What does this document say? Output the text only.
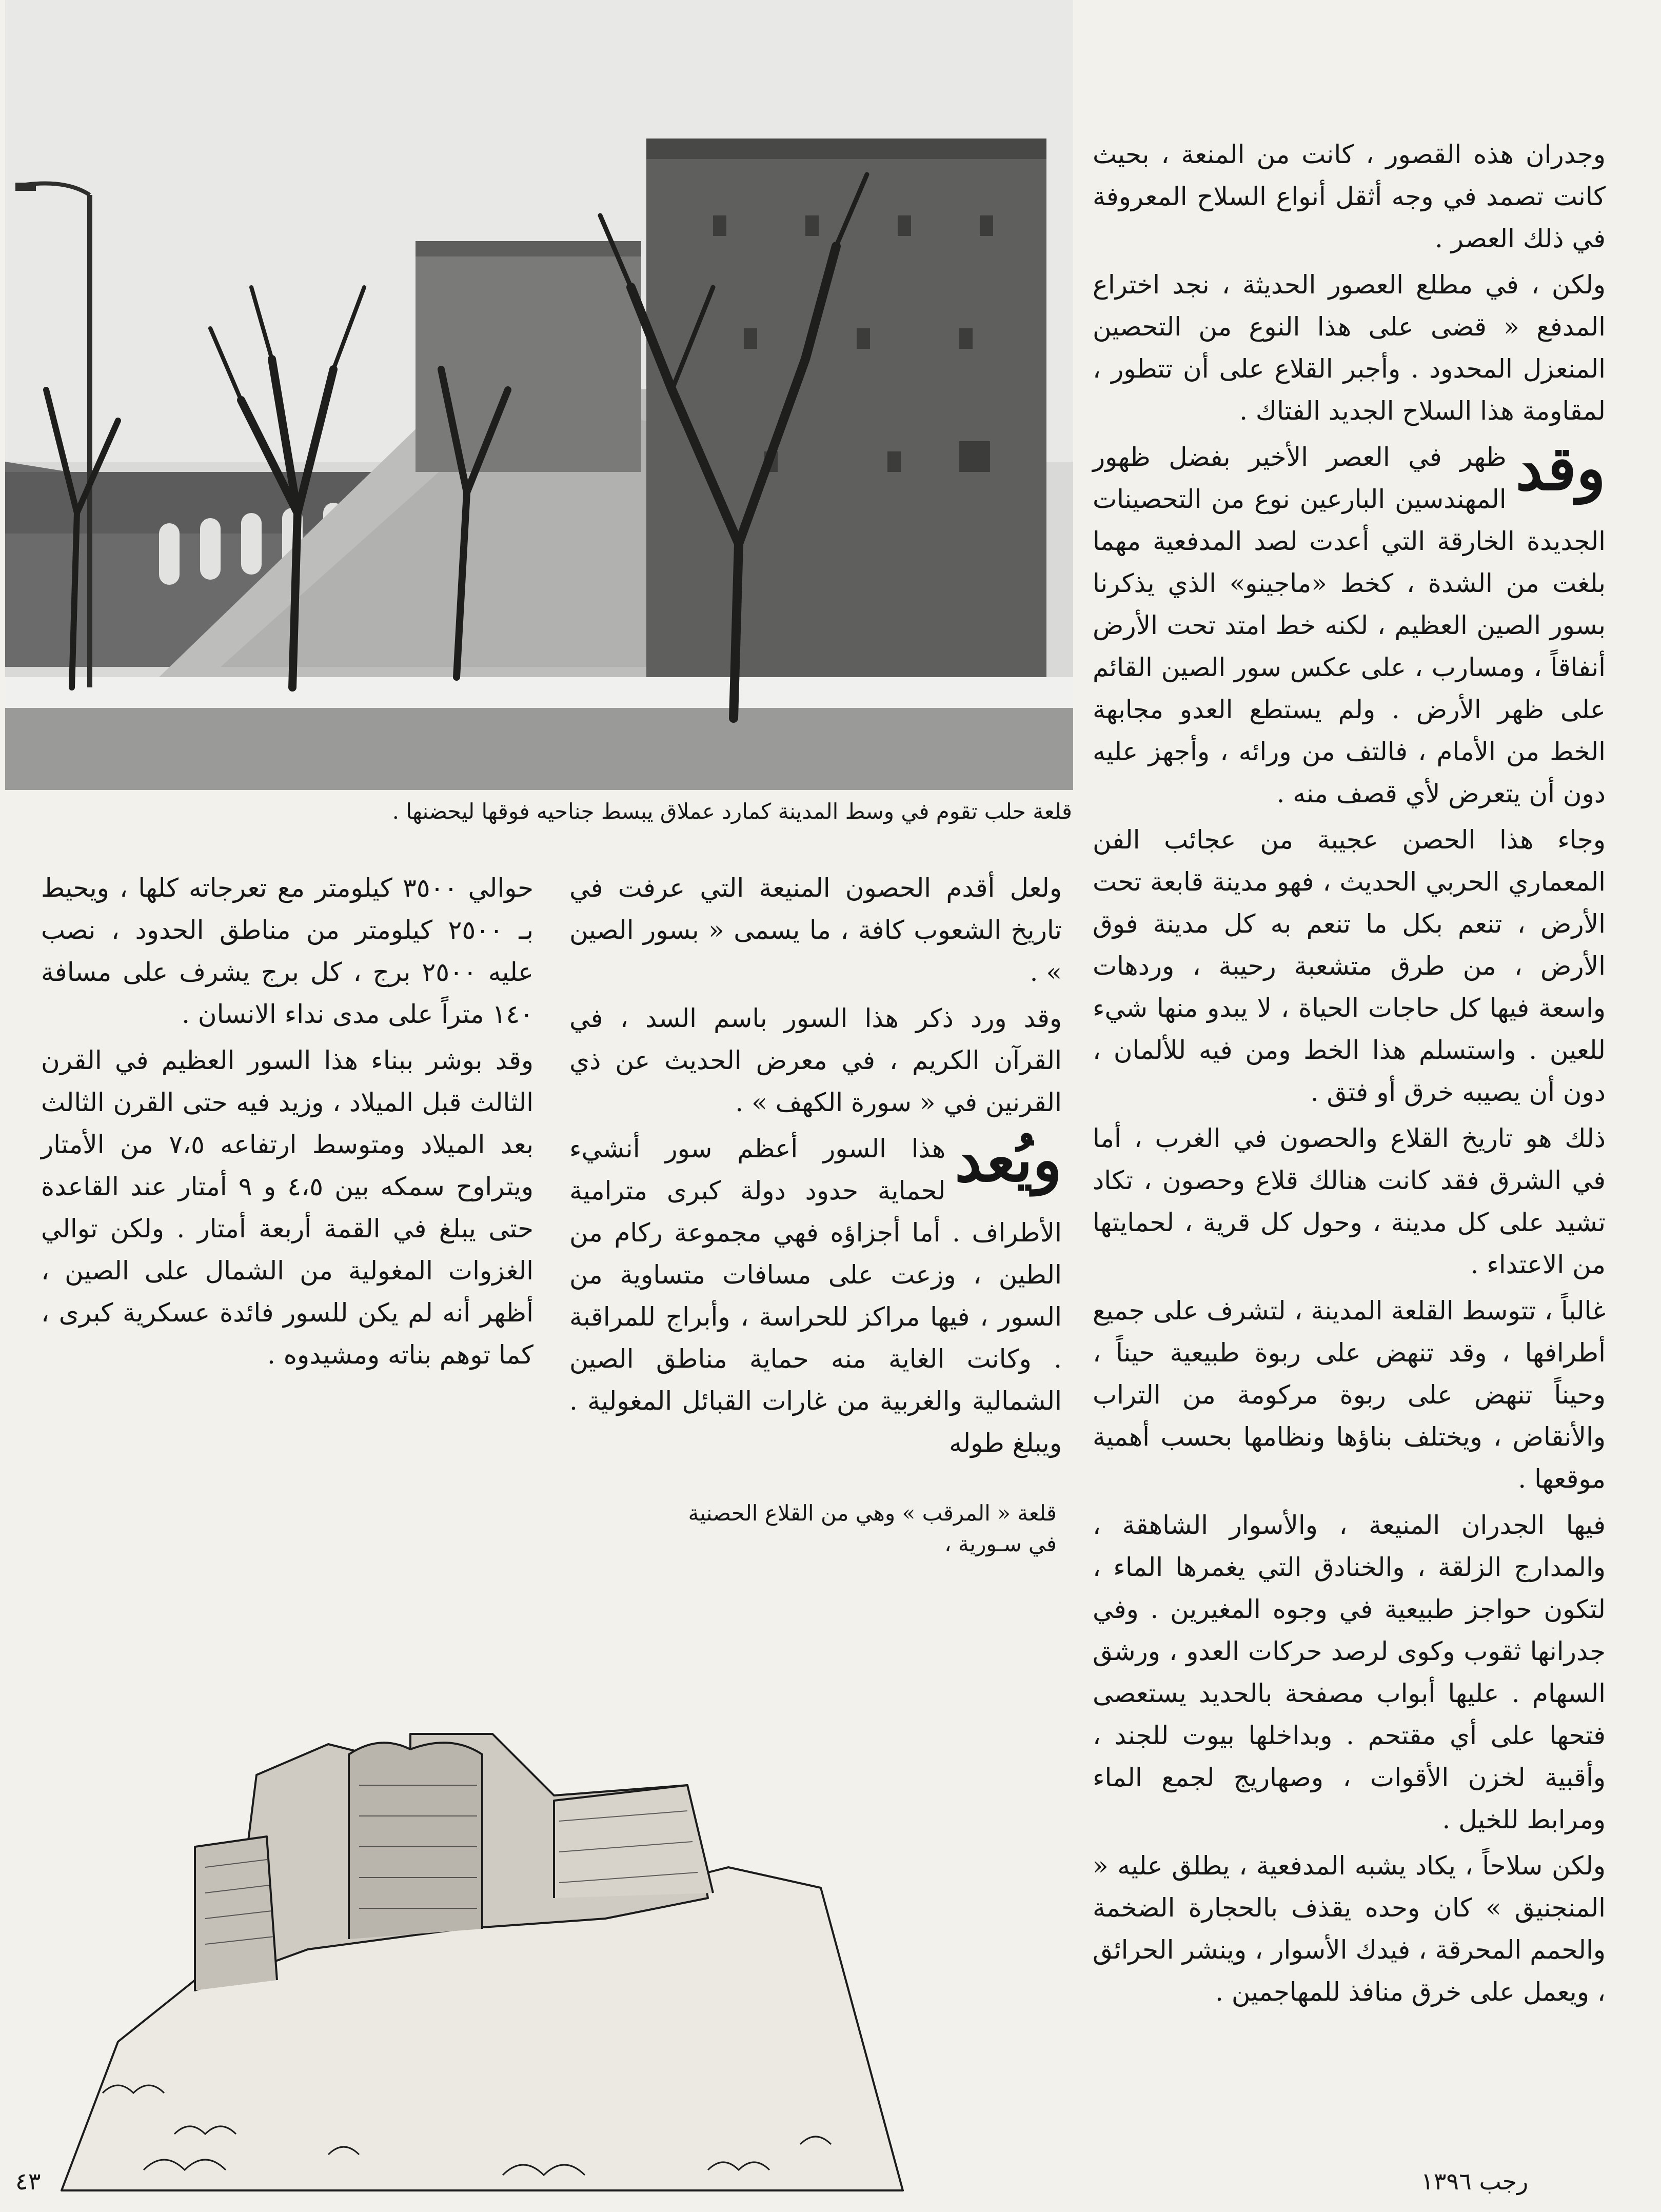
قلعة حلب تقوم في وسط المدينة كمارد عملاق يبسط جناحيه فوقها ليحضنها .

وجدران هذه القصور ، كانت من المنعة ، بحيث كانت تصمد في وجه أثقل أنواع السلاح المعروفة في ذلك العصر .

ولكن ، في مطلع العصور الحديثة ، نجد اختراع المدفع « قضى على هذا النوع من التحصين المنعزل المحدود . وأجبر القلاع على أن تتطور ، لمقاومة هذا السلاح الجديد الفتاك .

وقد
ظهر في العصر الأخير بفضل ظهور المهندسين البارعين نوع من التحصينات الجديدة الخارقة التي أعدت لصد المدفعية مهما بلغت من الشدة ، كخط «ماجينو» الذي يذكرنا بسور الصين العظيم ، لكنه خط امتد تحت الأرض أنفاقاً ، ومسارب ، على عكس سور الصين القائم على ظهر الأرض . ولم يستطع العدو مجابهة الخط من الأمام ، فالتف من ورائه ، وأجهز عليه دون أن يتعرض لأي قصف منه .

وجاء هذا الحصن عجيبة من عجائب الفن المعماري الحربي الحديث ، فهو مدينة قابعة تحت الأرض ، تنعم بكل ما تنعم به كل مدينة فوق الأرض ، من طرق متشعبة رحيبة ، وردهات واسعة فيها كل حاجات الحياة ، لا يبدو منها شيء للعين . واستسلم هذا الخط ومن فيه للألمان ، دون أن يصيبه خرق أو فتق .

ذلك هو تاريخ القلاع والحصون في الغرب ، أما في الشرق فقد كانت هنالك قلاع وحصون ، تكاد تشيد على كل مدينة ، وحول كل قرية ، لحمايتها من الاعتداء .

غالباً ، تتوسط القلعة المدينة ، لتشرف على جميع أطرافها ، وقد تنهض على ربوة طبيعية حيناً ، وحيناً تنهض على ربوة مركومة من التراب والأنقاض ، ويختلف بناؤها ونظامها بحسب أهمية موقعها .

فيها الجدران المنيعة ، والأسوار الشاهقة ، والمدارج الزلقة ، والخنادق التي يغمرها الماء ، لتكون حواجز طبيعية في وجوه المغيرين . وفي جدرانها ثقوب وكوى لرصد حركات العدو ، ورشق السهام . عليها أبواب مصفحة بالحديد يستعصى فتحها على أي مقتحم . وبداخلها بيوت للجند ، وأقبية لخزن الأقوات ، وصهاريج لجمع الماء ومرابط للخيل .

ولكن سلاحاً ، يكاد يشبه المدفعية ، يطلق عليه « المنجنيق » كان وحده يقذف بالحجارة الضخمة والحمم المحرقة ، فيدك الأسوار ، وينشر الحرائق ، ويعمل على خرق منافذ للمهاجمين .

ولعل أقدم الحصون المنيعة التي عرفت في تاريخ الشعوب كافة ، ما يسمى « بسور الصين » .

وقد ورد ذكر هذا السور باسم السد ، في القرآن الكريم ، في معرض الحديث عن ذي القرنين في « سورة الكهف » .

ويُعد
هذا السور أعظم سور أنشيء لحماية حدود دولة كبرى مترامية الأطراف . أما أجزاؤه فهي مجموعة ركام من الطين ، وزعت على مسافات متساوية من السور ، فيها مراكز للحراسة ، وأبراج للمراقبة . وكانت الغاية منه حماية مناطق الصين الشمالية والغربية من غارات القبائل المغولية . ويبلغ طوله

حوالي ٣٥٠٠ كيلومتر مع تعرجاته كلها ، ويحيط بـ ٢٥٠٠ كيلومتر من مناطق الحدود ، نصب عليه ٢٥٠٠ برج ، كل برج يشرف على مسافة ١٤٠ متراً على مدى نداء الانسان .

وقد بوشر ببناء هذا السور العظيم في القرن الثالث قبل الميلاد ، وزيد فيه حتى القرن الثالث بعد الميلاد ومتوسط ارتفاعه ٧،٥ من الأمتار ويتراوح سمكه بين ٤،٥ و ٩ أمتار عند القاعدة حتى يبلغ في القمة أربعة أمتار . ولكن توالي الغزوات المغولية من الشمال على الصين ، أظهر أنه لم يكن للسور فائدة عسكرية كبرى ، كما توهم بناته ومشيدوه .

قلعة « المرقب » وهي من القلاع الحصنية
في سـورية ،
٤٣	رجب ١٣٩٦
